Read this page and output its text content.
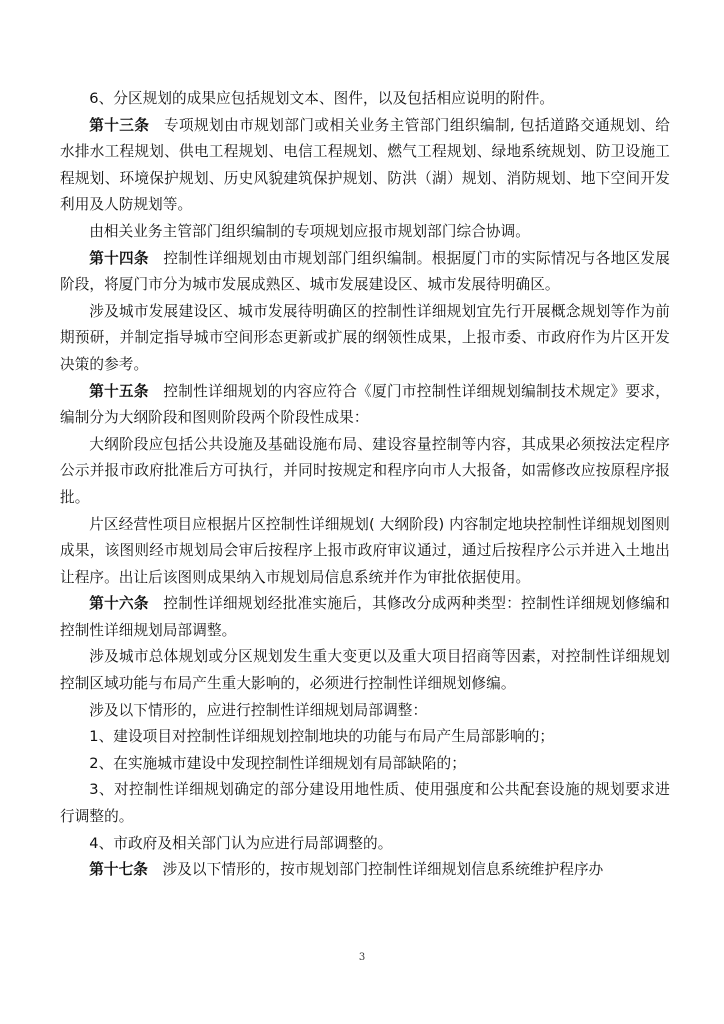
6、分区规划的成果应包括规划文本、图件，以及包括相应说明的附件。

第十三条 专项规划由市规划部门或相关业务主管部门组织编制, 包括道路交通规划、给水排水工程规划、供电工程规划、电信工程规划、燃气工程规划、绿地系统规划、防卫设施工程规划、环境保护规划、历史风貌建筑保护规划、防洪（湖）规划、消防规划、地下空间开发利用及人防规划等。

由相关业务主管部门组织编制的专项规划应报市规划部门综合协调。

第十四条 控制性详细规划由市规划部门组织编制。根据厦门市的实际情况与各地区发展阶段，将厦门市分为城市发展成熟区、城市发展建设区、城市发展待明确区。

涉及城市发展建设区、城市发展待明确区的控制性详细规划宜先行开展概念规划等作为前期预研，并制定指导城市空间形态更新或扩展的纲领性成果，上报市委、市政府作为片区开发决策的参考。

第十五条 控制性详细规划的内容应符合《厦门市控制性详细规划编制技术规定》要求，编制分为大纲阶段和图则阶段两个阶段性成果：

大纲阶段应包括公共设施及基础设施布局、建设容量控制等内容，其成果必须按法定程序公示并报市政府批准后方可执行，并同时按规定和程序向市人大报备，如需修改应按原程序报批。

片区经营性项目应根据片区控制性详细规划( 大纲阶段) 内容制定地块控制性详细规划图则成果，该图则经市规划局会审后按程序上报市政府审议通过，通过后按程序公示并进入土地出让程序。出让后该图则成果纳入市规划局信息系统并作为审批依据使用。

第十六条 控制性详细规划经批准实施后，其修改分成两种类型：控制性详细规划修编和控制性详细规划局部调整。

涉及城市总体规划或分区规划发生重大变更以及重大项目招商等因素，对控制性详细规划控制区域功能与布局产生重大影响的，必须进行控制性详细规划修编。

涉及以下情形的，应进行控制性详细规划局部调整：

1、建设项目对控制性详细规划控制地块的功能与布局产生局部影响的；

2、在实施城市建设中发现控制性详细规划有局部缺陷的；

3、对控制性详细规划确定的部分建设用地性质、使用强度和公共配套设施的规划要求进行调整的。

4、市政府及相关部门认为应进行局部调整的。

第十七条 涉及以下情形的，按市规划部门控制性详细规划信息系统维护程序办

3
